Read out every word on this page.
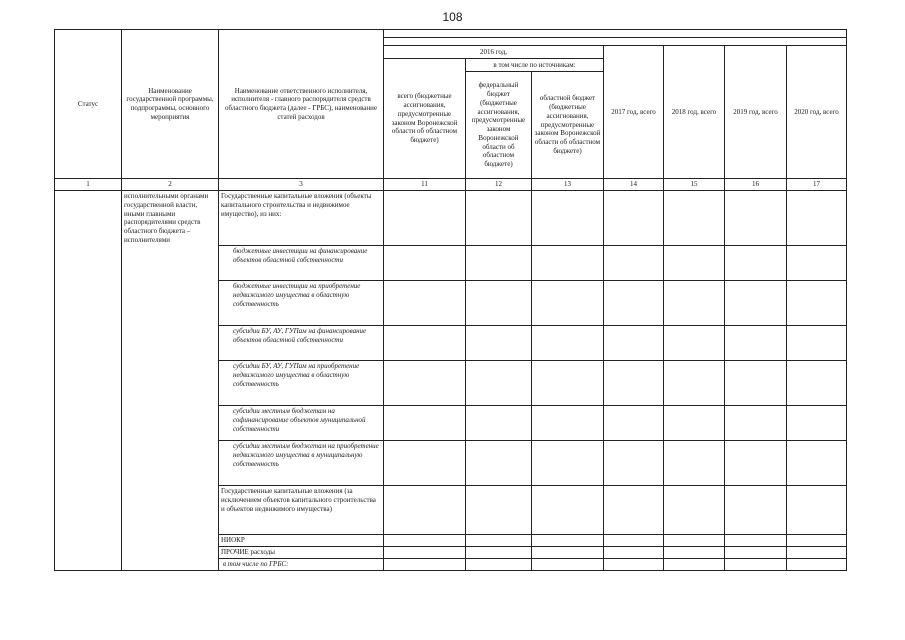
108
Статус	Наименование государственной программы, подпрограммы, основного мероприятия	Наименование ответственного исполнителя, исполнителя - главного распорядителя средств областного бюджета (далее - ГРБС), наименование статей расходов							

			2016 год,			2017 год, всего	2018 год, всего	2019 год, всего	2020 год, всего
			всего (бюджетные ассигнования, предусмотренные законом Воронежской области об областном бюджете)	в том числе по источникам:					
				федеральный бюджет (бюджетные ассигнования, предусмотренные законом Воронежской области об областном бюджете)	областной бюджет (бюджетные ассигнования, предусмотренные законом Воронежской области об областном бюджете)				
1	2	3	11	12	13	14	15	16	17
	исполнительными органами государственной власти, иными главными распорядителями средств областного бюджета – исполнителями	Государственные капитальные вложения (объекты капитального строительства и недвижимое имущество), из них:							
		бюджетные инвестиции на финансирование объектов областной собственности							
		бюджетные инвестиции на приобретение недвижимого имущества в областную собственность							
		субсидии БУ, АУ, ГУПам на финансирование объектов областной собственности							
		субсидии БУ, АУ, ГУПам на приобретение недвижимого имущества в областную собственность							
		субсидии местным бюджетам на софинансирование объектов муниципальной собственности							
		субсидии местным бюджетам на приобретение недвижимого имущества в муниципальную собственность							
		Государственные капитальные вложения (за исключением объектов капитального строительства и объектов недвижимого имущества)							
		НИОКР							
		ПРОЧИЕ расходы							
		в том числе по ГРБС:							
